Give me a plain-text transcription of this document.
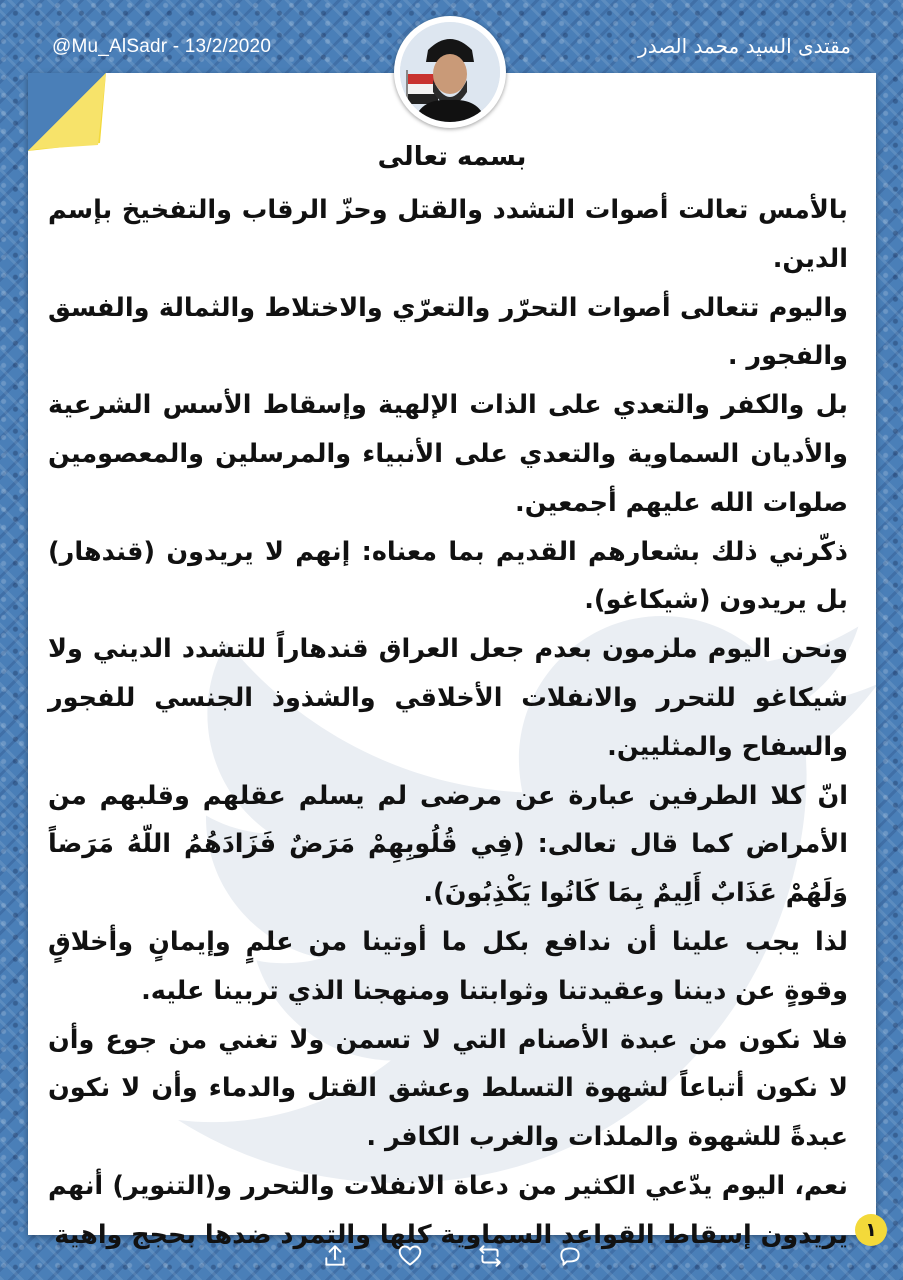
@Mu_AlSadr - 13/2/2020	مقتدى السيد محمد الصدر
بسمه تعالى

بالأمس تعالت أصوات التشدد والقتل وحزّ الرقاب والتفخيخ بإسم الدين.

واليوم تتعالى أصوات التحرّر والتعرّي والاختلاط والثمالة والفسق والفجور .

بل والكفر والتعدي على الذات الإلهية وإسقاط الأسس الشرعية والأديان السماوية والتعدي على الأنبياء والمرسلين والمعصومين صلوات الله عليهم أجمعين.

ذكّرني ذلك بشعارهم القديم بما معناه: إنهم لا يريدون (قندهار) بل يريدون (شيكاغو).

ونحن اليوم ملزمون بعدم جعل العراق قندهاراً للتشدد الديني ولا شيكاغو للتحرر والانفلات الأخلاقي والشذوذ الجنسي للفجور والسفاح والمثليين.

انّ كلا الطرفين عبارة عن مرضى لم يسلم عقلهم وقلبهم من الأمراض كما قال تعالى: (فِي قُلُوبِهِمْ مَرَضٌ فَزَادَهُمُ اللّهُ مَرَضاً وَلَهُمْ عَذَابٌ أَلِيمٌ بِمَا كَانُوا يَكْذِبُونَ).

لذا يجب علينا أن ندافع بكل ما أوتينا من علمٍ وإيمانٍ وأخلاقٍ وقوةٍ عن ديننا وعقيدتنا وثوابتنا ومنهجنا الذي تربينا عليه.

فلا نكون من عبدة الأصنام التي لا تسمن ولا تغني من جوع وأن لا نكون أتباعاً لشهوة التسلط وعشق القتل والدماء وأن لا نكون عبدةً للشهوة والملذات والغرب الكافر .

نعم، اليوم يدّعي الكثير من دعاة الانفلات والتحرر و(التنوير) أنهم يريدون إسقاط القواعد السماوية كلها والتمرد ضدها بحجج واهية ١
